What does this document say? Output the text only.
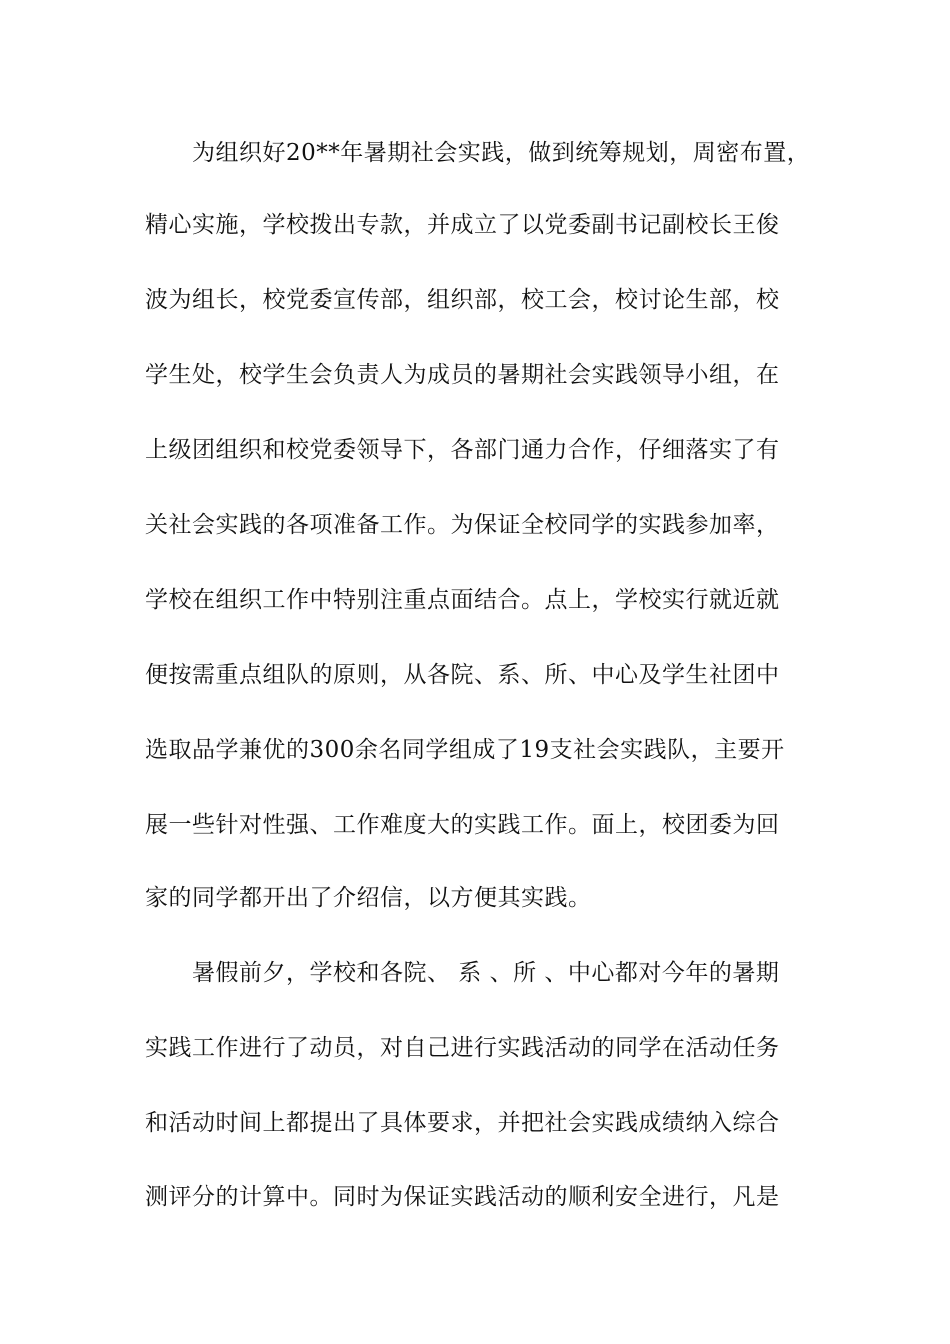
为组织好20**年暑期社会实践，做到统筹规划，周密布置，
精心实施，学校拨出专款，并成立了以党委副书记副校长王俊
波为组长，校党委宣传部，组织部，校工会，校讨论生部，校
学生处，校学生会负责人为成员的暑期社会实践领导小组，在
上级团组织和校党委领导下，各部门通力合作，仔细落实了有
关社会实践的各项准备工作。为保证全校同学的实践参加率，
学校在组织工作中特别注重点面结合。点上，学校实行就近就
便按需重点组队的原则，从各院、系、所、中心及学生社团中
选取品学兼优的300余名同学组成了19支社会实践队，主要开
展一些针对性强、工作难度大的实践工作。面上，校团委为回
家的同学都开出了介绍信，以方便其实践。
暑假前夕，学校和各院、 系 、所 、中心都对今年的暑期
实践工作进行了动员，对自己进行实践活动的同学在活动任务
和活动时间上都提出了具体要求，并把社会实践成绩纳入综合
测评分的计算中。同时为保证实践活动的顺利安全进行，凡是
